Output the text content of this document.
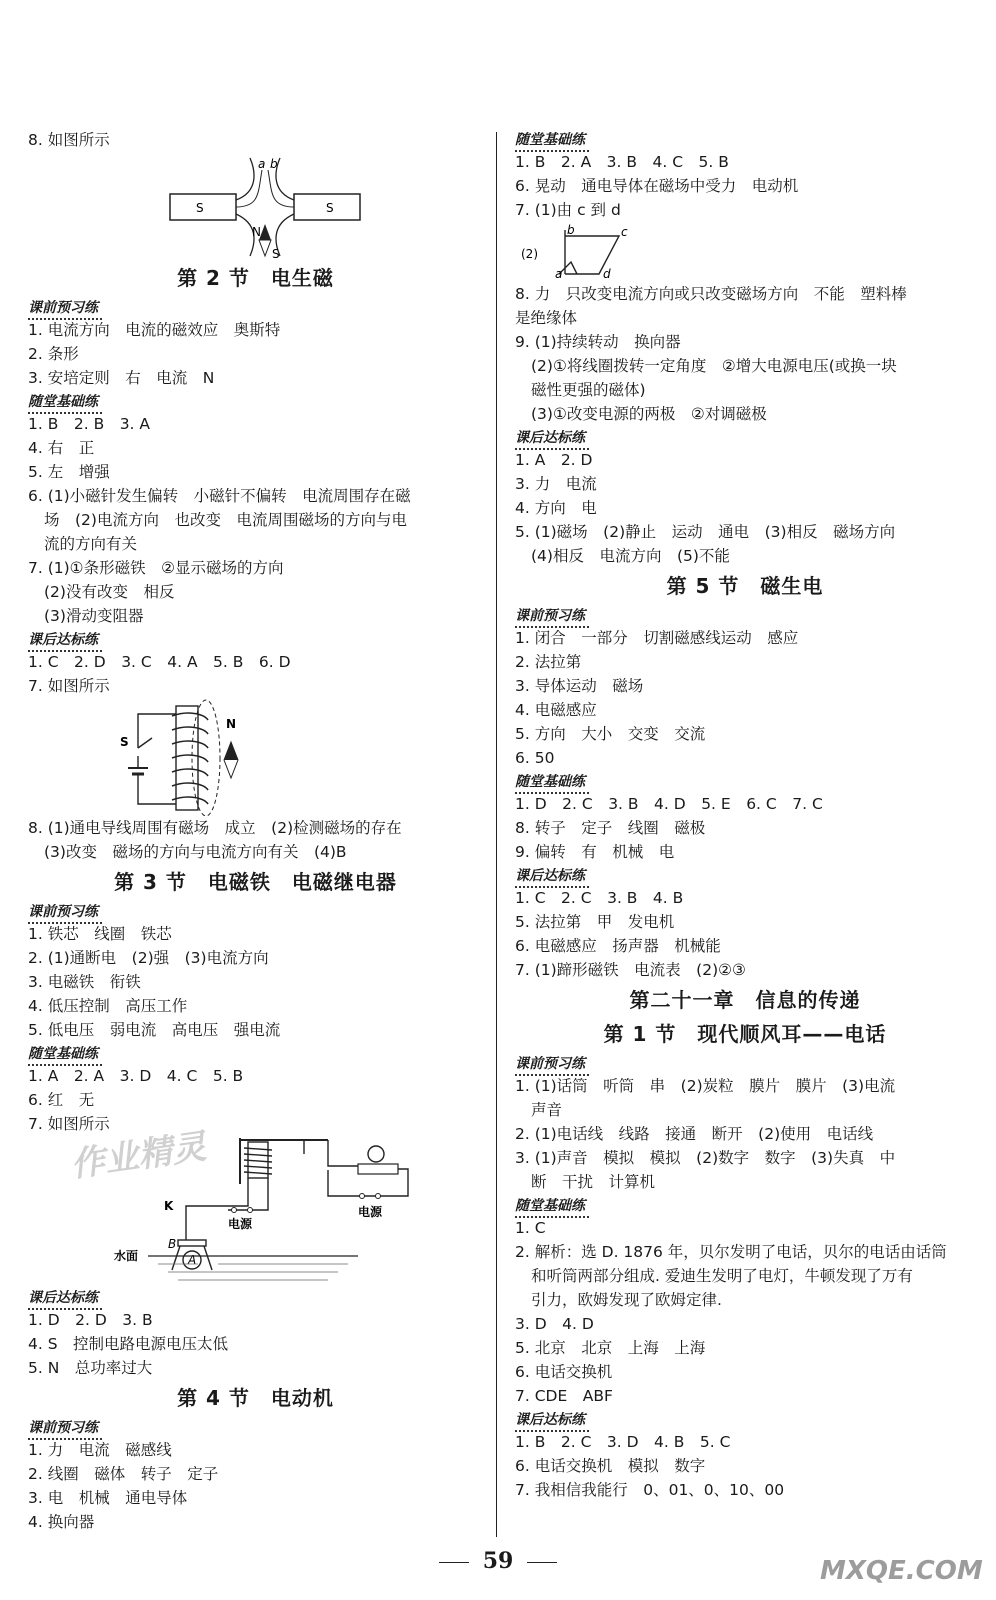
8. 如图所示
S	S
a b
N
S
第 2 节　电生磁
课前预习练
1. 电流方向　电流的磁效应　奥斯特
2. 条形
3. 安培定则　右　电流　N
随堂基础练
1. B　2. B　3. A
4. 右　正
5. 左　增强
6. (1)小磁针发生偏转　小磁针不偏转　电流周围存在磁
场　(2)电流方向　也改变　电流周围磁场的方向与电
流的方向有关
7. (1)①条形磁铁　②显示磁场的方向
(2)没有改变　相反
(3)滑动变阻器
课后达标练
1. C　2. D　3. C　4. A　5. B　6. D
7. 如图所示
N
S
8. (1)通电导线周围有磁场　成立　(2)检测磁场的存在
(3)改变　磁场的方向与电流方向有关　(4)B
第 3 节　电磁铁　电磁继电器
课前预习练
1. 铁芯　线圈　铁芯
2. (1)通断电　(2)强　(3)电流方向
3. 电磁铁　衔铁
4. 低压控制　高压工作
5. 低电压　弱电流　高电压　强电流
随堂基础练
1. A　2. A　3. D　4. C　5. B
6. 红　无
7. 如图所示
电源
电源
K
A
B
水面
课后达标练
1. D　2. D　3. B
4. S　控制电路电源电压太低
5. N　总功率过大
第 4 节　电动机
课前预习练
1. 力　电流　磁感线
2. 线圈　磁体　转子　定子
3. 电　机械　通电导体
4. 换向器
随堂基础练
1. B　2. A　3. B　4. C　5. B
6. 晃动　通电导体在磁场中受力　电动机
7. (1)由 c 到 d
(2)
a
b	c
d
8. 力　只改变电流方向或只改变磁场方向　不能　塑料棒
是绝缘体
9. (1)持续转动　换向器
(2)①将线圈拨转一定角度　②增大电源电压(或换一块
磁性更强的磁体)
(3)①改变电源的两极　②对调磁极
课后达标练
1. A　2. D
3. 力　电流
4. 方向　电
5. (1)磁场　(2)静止　运动　通电　(3)相反　磁场方向
(4)相反　电流方向　(5)不能
第 5 节　磁生电
课前预习练
1. 闭合　一部分　切割磁感线运动　感应
2. 法拉第
3. 导体运动　磁场
4. 电磁感应
5. 方向　大小　交变　交流
6. 50
随堂基础练
1. D　2. C　3. B　4. D　5. E　6. C　7. C
8. 转子　定子　线圈　磁极
9. 偏转　有　机械　电
课后达标练
1. C　2. C　3. B　4. B
5. 法拉第　甲　发电机
6. 电磁感应　扬声器　机械能
7. (1)蹄形磁铁　电流表　(2)②③
第二十一章　信息的传递
第 1 节　现代顺风耳——电话
课前预习练
1. (1)话筒　听筒　串　(2)炭粒　膜片　膜片　(3)电流
声音
2. (1)电话线　线路　接通　断开　(2)使用　电话线
3. (1)声音　模拟　模拟　(2)数字　数字　(3)失真　中
断　干扰　计算机
随堂基础练
1. C
2. 解析：选 D. 1876 年，贝尔发明了电话，贝尔的电话由话筒
和听筒两部分组成. 爱迪生发明了电灯，牛顿发现了万有
引力，欧姆发现了欧姆定律.
3. D　4. D
5. 北京　北京　上海　上海
6. 电话交换机
7. CDE　ABF
课后达标练
1. B　2. C　3. D　4. B　5. C
6. 电话交换机　模拟　数字
7. 我相信我能行　0、01、0、10、00
作业精灵
59	MXQE.COM
